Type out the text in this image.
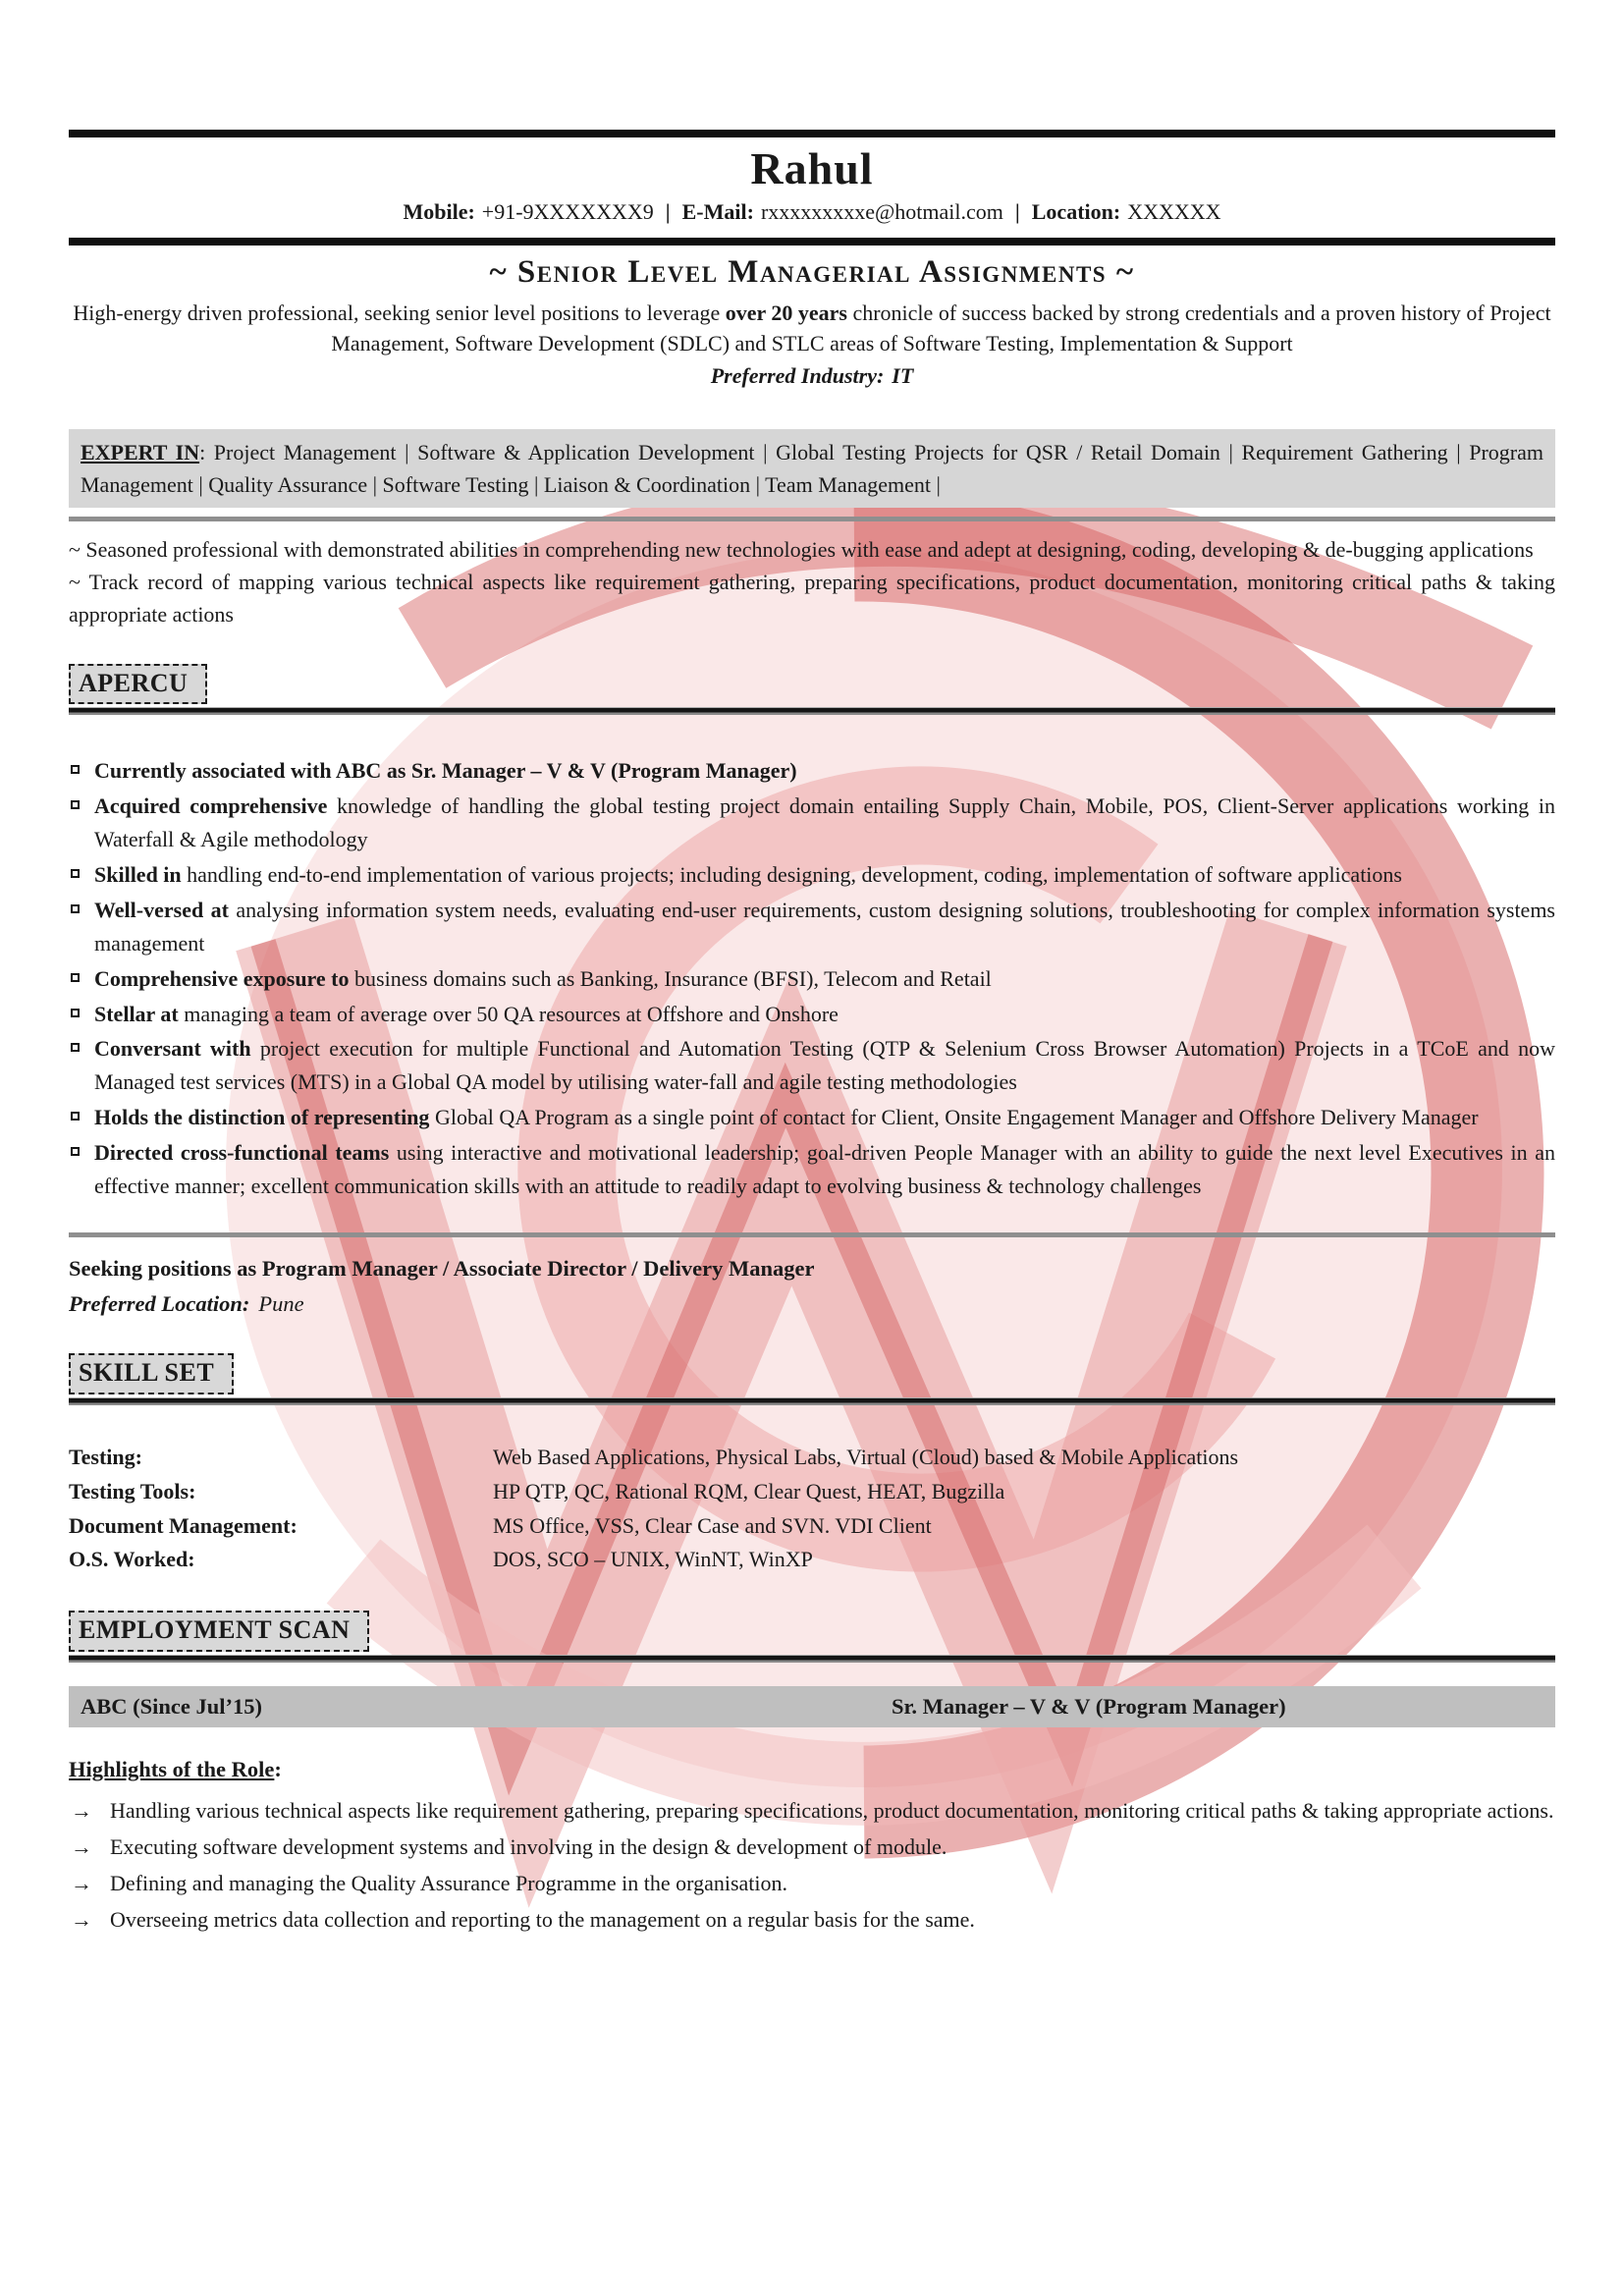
Rahul
Mobile: +91-9XXXXXXX9 | E-Mail: rxxxxxxxxxe@hotmail.com | Location: XXXXXX
~ Senior Level Managerial Assignments ~

High-energy driven professional, seeking senior level positions to leverage over 20 years chronicle of success backed by strong credentials and a proven history of Project Management, Software Development (SDLC) and STLC areas of Software Testing, Implementation & Support

Preferred Industry: IT
EXPERT IN: Project Management | Software & Application Development | Global Testing Projects for QSR / Retail Domain | Requirement Gathering | Program Management | Quality Assurance | Software Testing | Liaison & Coordination | Team Management |

~ Seasoned professional with demonstrated abilities in comprehending new technologies with ease and adept at designing, coding, developing & de-bugging applications

~ Track record of mapping various technical aspects like requirement gathering, preparing specifications, product documentation, monitoring critical paths & taking appropriate actions

APERCU
Currently associated with ABC as Sr. Manager – V & V (Program Manager)
Acquired comprehensive knowledge of handling the global testing project domain entailing Supply Chain, Mobile, POS, Client-Server applications working in Waterfall & Agile methodology
Skilled in handling end-to-end implementation of various projects; including designing, development, coding, implementation of software applications
Well-versed at analysing information system needs, evaluating end-user requirements, custom designing solutions, troubleshooting for complex information systems management
Comprehensive exposure to business domains such as Banking, Insurance (BFSI), Telecom and Retail
Stellar at managing a team of average over 50 QA resources at Offshore and Onshore
Conversant with project execution for multiple Functional and Automation Testing (QTP & Selenium Cross Browser Automation) Projects in a TCoE and now Managed test services (MTS) in a Global QA model by utilising water-fall and agile testing methodologies
Holds the distinction of representing Global QA Program as a single point of contact for Client, Onsite Engagement Manager and Offshore Delivery Manager
Directed cross-functional teams using interactive and motivational leadership; goal-driven People Manager with an ability to guide the next level Executives in an effective manner; excellent communication skills with an attitude to readily adapt to evolving business & technology challenges
Seeking positions as Program Manager / Associate Director / Delivery Manager
Preferred Location: Pune
SKILL SET
Testing:	Web Based Applications, Physical Labs, Virtual (Cloud) based & Mobile Applications
Testing Tools:	HP QTP, QC, Rational RQM, Clear Quest, HEAT, Bugzilla
Document Management:	MS Office, VSS, Clear Case and SVN. VDI Client
O.S. Worked:	DOS, SCO – UNIX, WinNT, WinXP
EMPLOYMENT SCAN
ABC (Since Jul’15)	Sr. Manager – V & V (Program Manager)
Highlights of the Role:
→ Handling various technical aspects like requirement gathering, preparing specifications, product documentation, monitoring critical paths & taking appropriate actions.
→ Executing software development systems and involving in the design & development of module.
→ Defining and managing the Quality Assurance Programme in the organisation.
→ Overseeing metrics data collection and reporting to the management on a regular basis for the same.
